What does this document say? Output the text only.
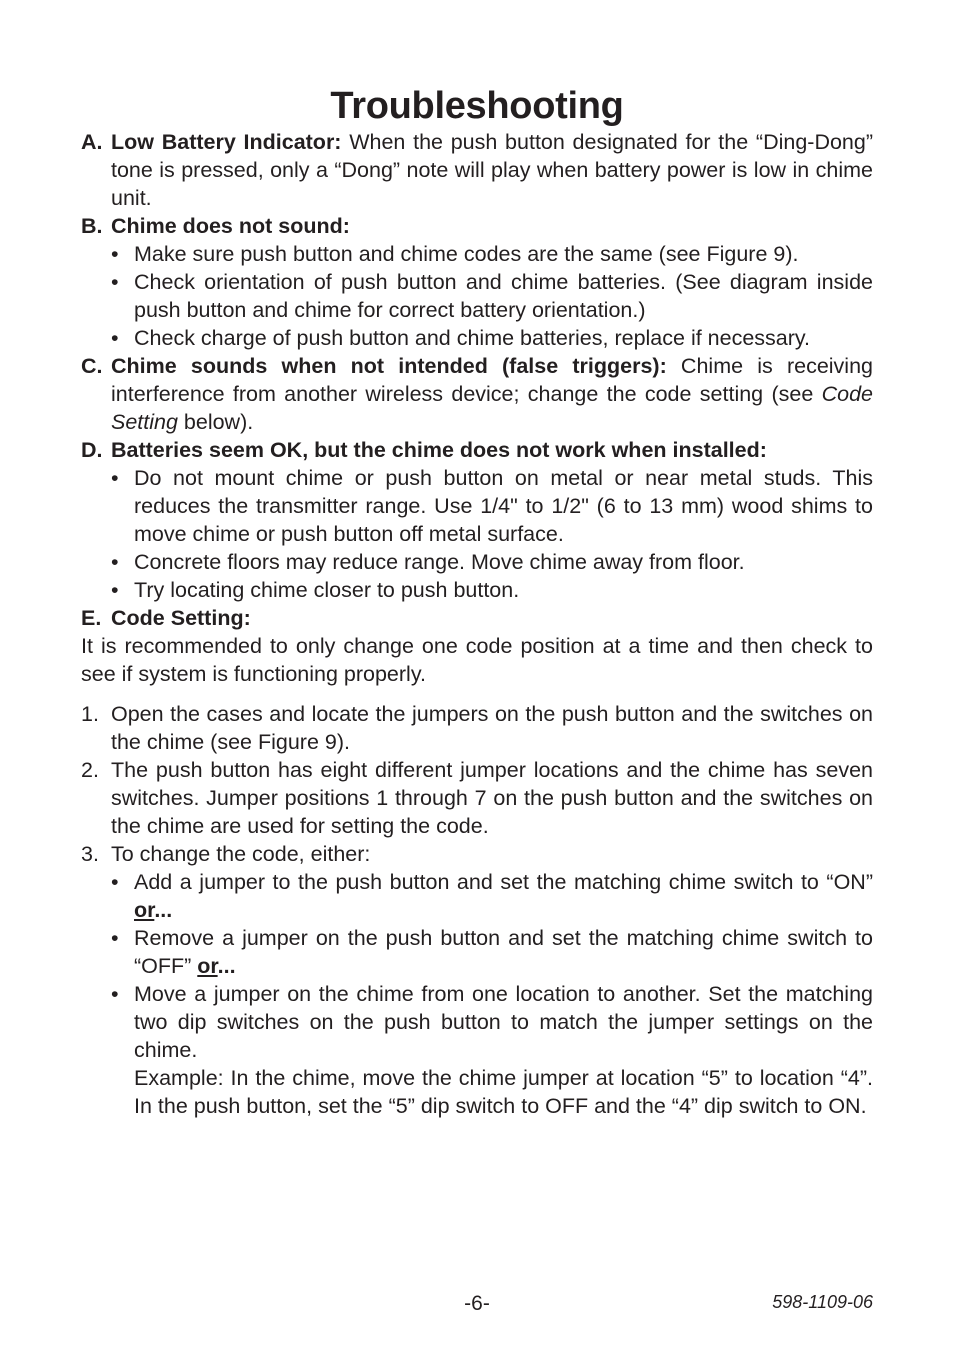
Troubleshooting
A. Low Battery Indicator: When the push button designated for the “Ding-Dong” tone is pressed, only a “Dong” note will play when battery power is low in chime unit.
B. Chime does not sound:
• Make sure push button and chime codes are the same (see Figure 9).
• Check orientation of push button and chime batteries. (See diagram inside push button and chime for correct battery orientation.)
• Check charge of push button and chime batteries, replace if necessary.
C. Chime sounds when not intended (false triggers): Chime is receiving interference from another wireless device; change the code setting (see Code Setting below).
D. Batteries seem OK, but the chime does not work when installed:
• Do not mount chime or push button on metal or near metal studs. This reduces the transmitter range. Use 1/4" to 1/2" (6 to 13 mm) wood shims to move chime or push button off metal surface.
• Concrete floors may reduce range. Move chime away from floor.
• Try locating chime closer to push button.
E. Code Setting:
It is recommended to only change one code position at a time and then check to see if system is functioning properly.
1. Open the cases and locate the jumpers on the push button and the switches on the chime (see Figure 9).
2. The push button has eight different jumper locations and the chime has seven switches. Jumper positions 1 through 7 on the push button and the switches on the chime are used for setting the code.
3. To change the code, either:
• Add a jumper to the push button and set the matching chime switch to “ON” or...
• Remove a jumper on the push button and set the matching chime switch to “OFF” or...
• Move a jumper on the chime from one location to another. Set the matching two dip switches on the push button to match the jumper settings on the chime.
Example: In the chime, move the chime jumper at location “5” to location “4”. In the push button, set the “5” dip switch to OFF and the “4” dip switch to ON.
-6-	598-1109-06
